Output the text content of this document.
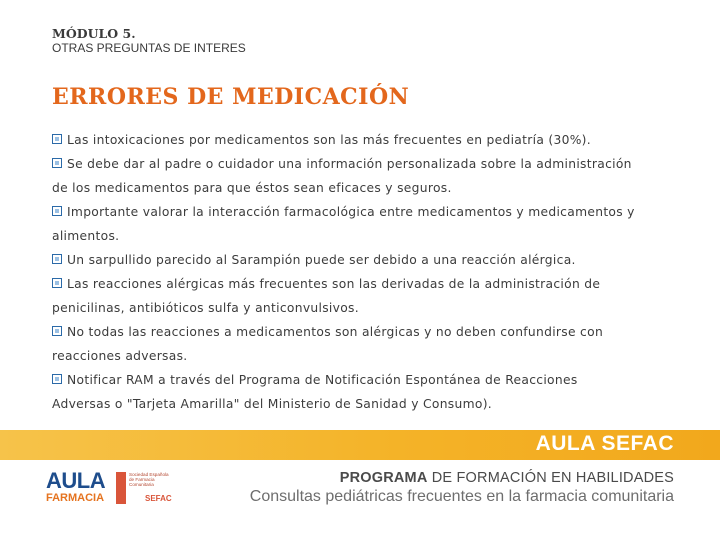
MÓDULO 5.
OTRAS PREGUNTAS DE INTERES
ERRORES DE MEDICACIÓN

Las intoxicaciones por medicamentos son las más frecuentes en pediatría (30%).

Se debe dar al padre o cuidador una información personalizada sobre la administración

de los medicamentos para que éstos sean eficaces y seguros.

Importante valorar la interacción farmacológica entre medicamentos y medicamentos y

alimentos.

Un sarpullido parecido al Sarampión puede ser debido a una reacción alérgica.

Las reacciones alérgicas más frecuentes son las derivadas de la administración de

penicilinas, antibióticos sulfa y anticonvulsivos.

No todas las reacciones a medicamentos son alérgicas y no deben confundirse con

reacciones adversas.

Notificar RAM a través del Programa de Notificación Espontánea de Reacciones

Adversas o "Tarjeta Amarilla" del Ministerio de Sanidad y Consumo).

AULA SEFAC
AULA
FARMACIA
Sociedad Española de Farmacia Comunitaria
SEFAC
PROGRAMA DE FORMACIÓN EN HABILIDADES
Consultas pediátricas frecuentes en la farmacia comunitaria
